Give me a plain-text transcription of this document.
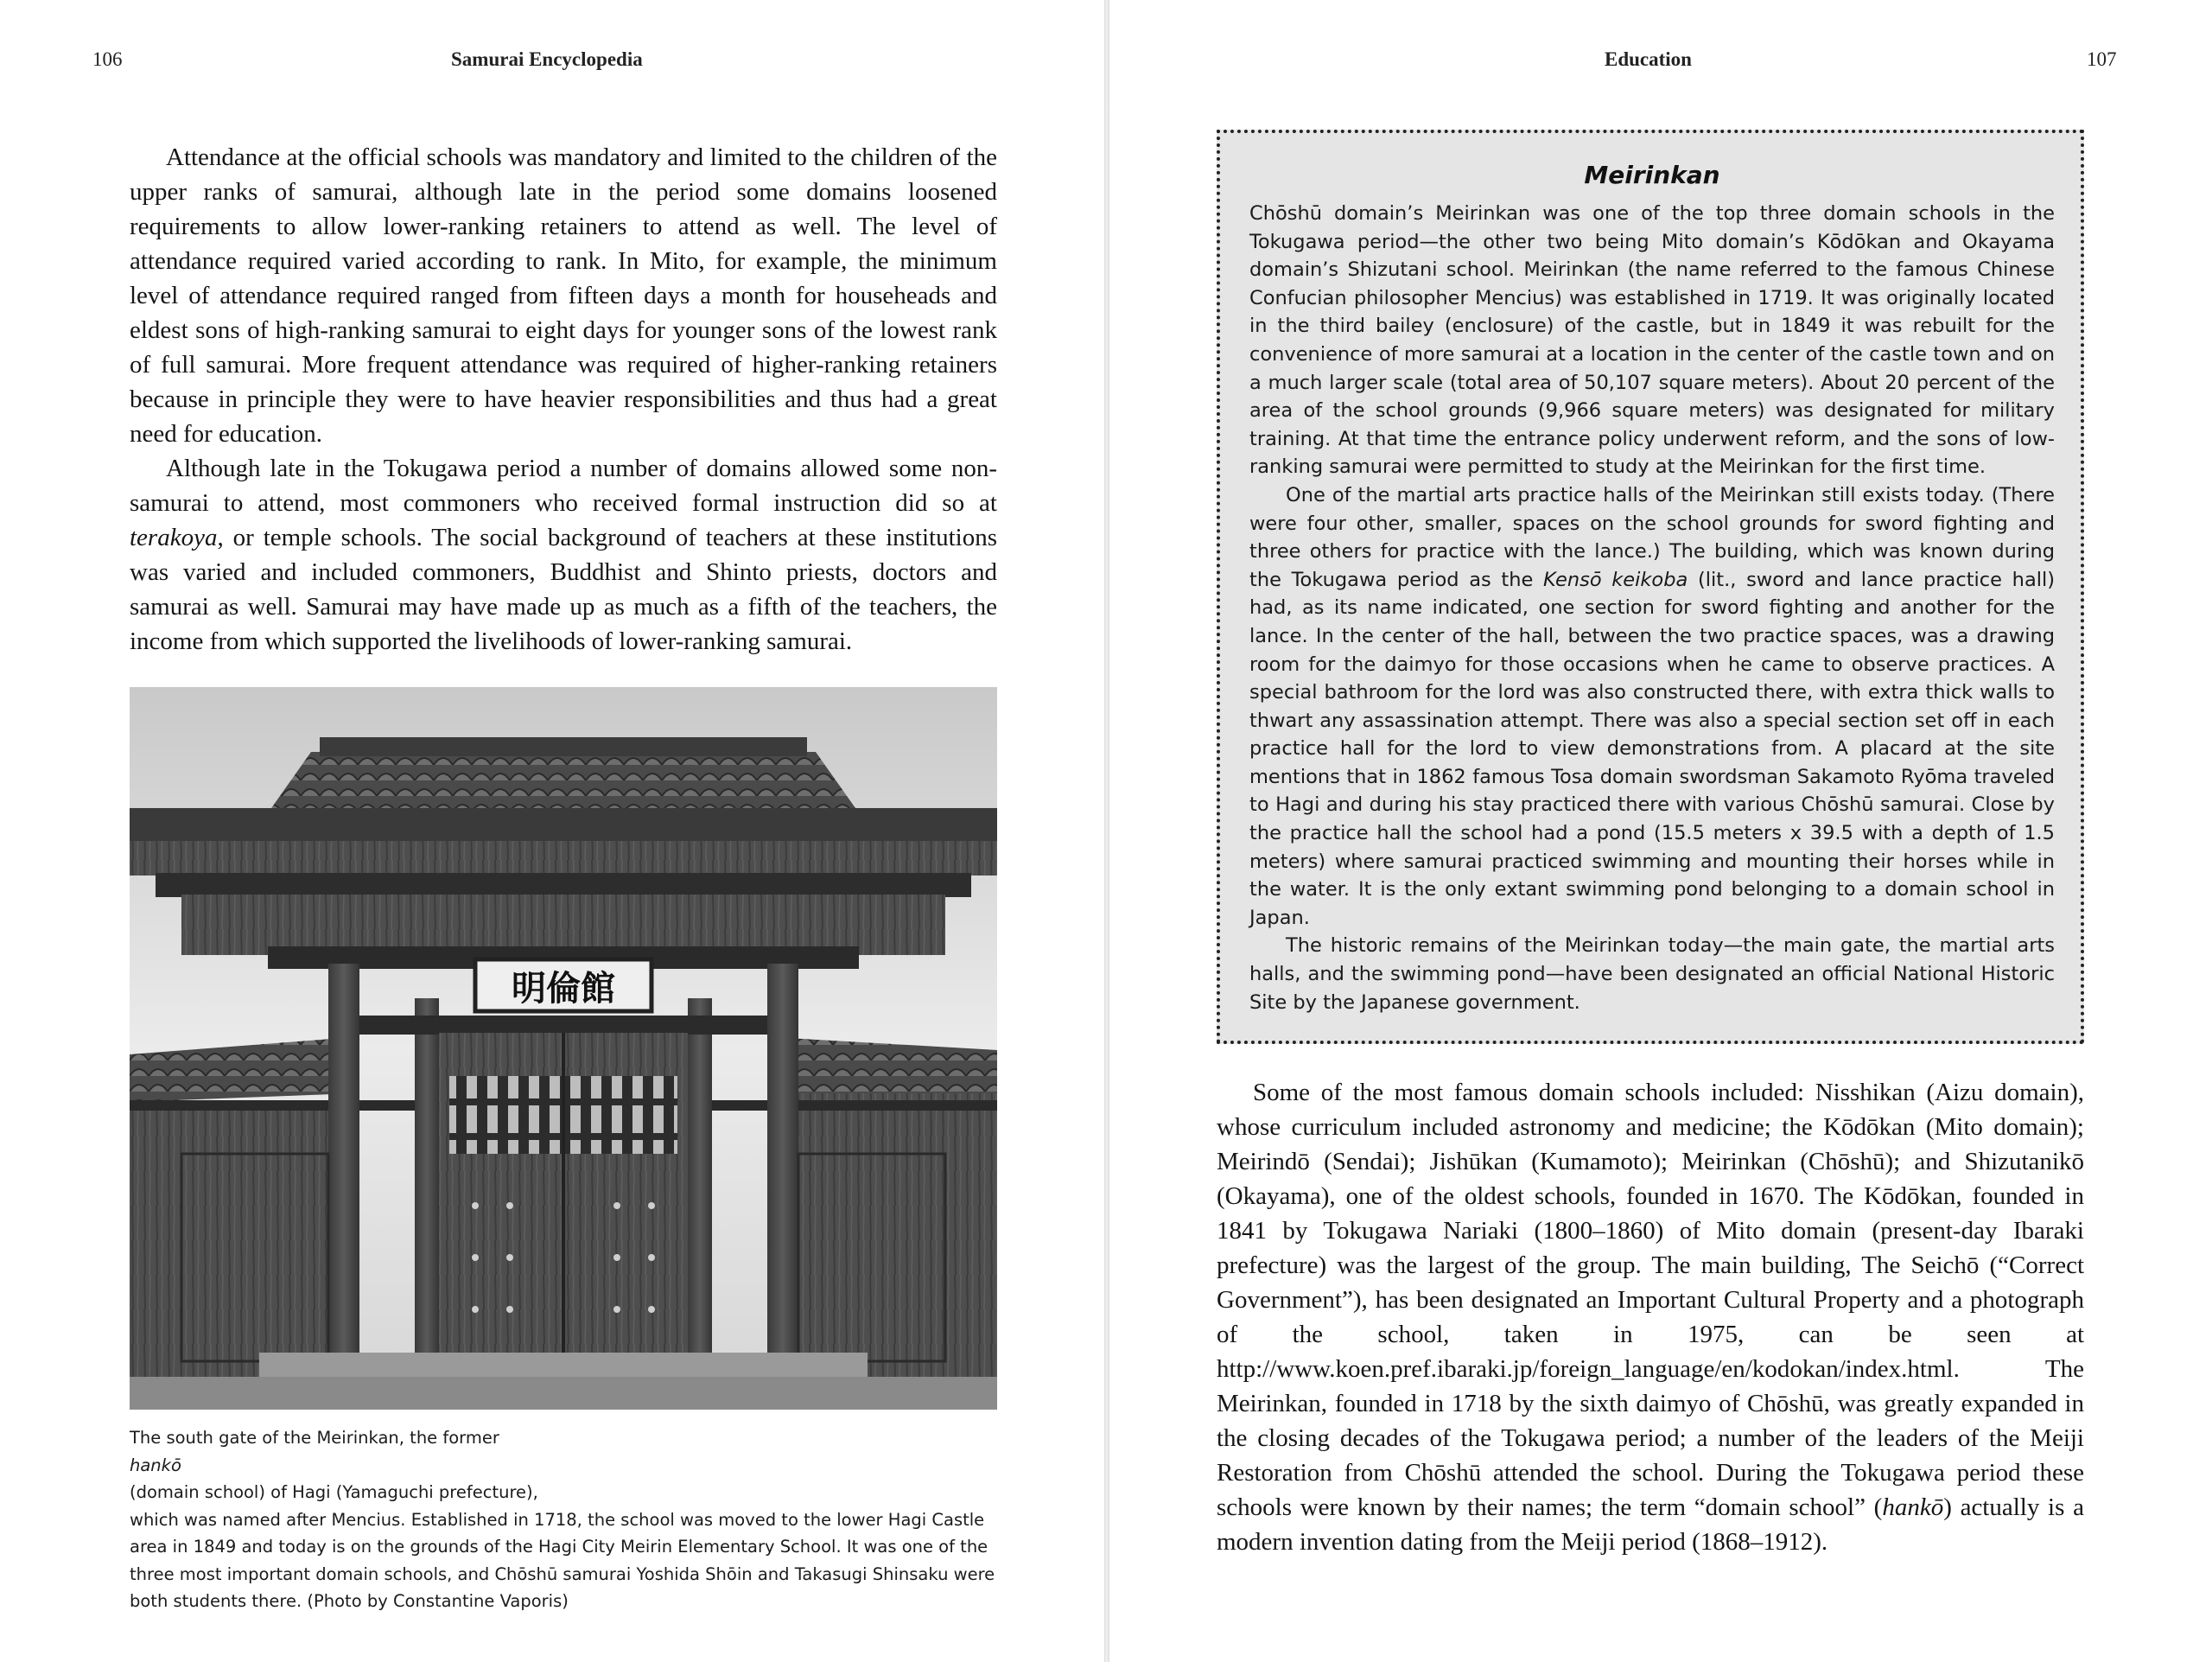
106	Samurai Encyclopedia

Attendance at the official schools was mandatory and limited to the children of the upper ranks of samurai, although late in the period some domains loosened requirements to allow lower-ranking retainers to attend as well. The level of attendance required varied according to rank. In Mito, for example, the minimum level of attendance required ranged from fifteen days a month for househeads and eldest sons of high-ranking samurai to eight days for younger sons of the lowest rank of full samurai. More frequent attendance was required of higher-ranking retainers because in principle they were to have heavier responsibilities and thus had a great need for education.

Although late in the Tokugawa period a number of domains allowed some non-samurai to attend, most commoners who received formal instruction did so at terakoya, or temple schools. The social background of teachers at these institutions was varied and included commoners, Buddhist and Shinto priests, doctors and samurai as well. Samurai may have made up as much as a fifth of the teachers, the income from which supported the livelihoods of lower-ranking samurai.

明倫館
The south gate of the Meirinkan, the former
hankō
(domain school) of Hagi (Yamaguchi prefecture),
which was named after Mencius. Established in 1718, the school was moved to the lower Hagi Castle
area in 1849 and today is on the grounds of the Hagi City Meirin Elementary School. It was one of the
three most important domain schools, and Chōshū samurai Yoshida Shōin and Takasugi Shinsaku were
both students there. (Photo by Constantine Vaporis)
Education	107
Meirinkan

Chōshū domain’s Meirinkan was one of the top three domain schools in the Tokugawa period—the other two being Mito domain’s Kōdōkan and Okayama domain’s Shizutani school. Meirinkan (the name referred to the famous Chinese Confucian philosopher Mencius) was established in 1719. It was originally located in the third bailey (enclosure) of the castle, but in 1849 it was rebuilt for the convenience of more samurai at a location in the center of the castle town and on a much larger scale (total area of 50,107 square meters). About 20 percent of the area of the school grounds (9,966 square meters) was designated for military training. At that time the entrance policy underwent reform, and the sons of low-ranking samurai were permitted to study at the Meirinkan for the first time.

One of the martial arts practice halls of the Meirinkan still exists today. (There were four other, smaller, spaces on the school grounds for sword fighting and three others for practice with the lance.) The building, which was known during the Tokugawa period as the Kensō keikoba (lit., sword and lance practice hall) had, as its name indicated, one section for sword fighting and another for the lance. In the center of the hall, between the two practice spaces, was a drawing room for the daimyo for those occasions when he came to observe practices. A special bathroom for the lord was also constructed there, with extra thick walls to thwart any assassination attempt. There was also a special section set off in each practice hall for the lord to view demonstrations from. A placard at the site mentions that in 1862 famous Tosa domain swordsman Sakamoto Ryōma traveled to Hagi and during his stay practiced there with various Chōshū samurai. Close by the practice hall the school had a pond (15.5 meters x 39.5 with a depth of 1.5 meters) where samurai practiced swimming and mounting their horses while in the water. It is the only extant swimming pond belonging to a domain school in Japan.

The historic remains of the Meirinkan today—the main gate, the martial arts halls, and the swimming pond—have been designated an official National Historic Site by the Japanese government.

Some of the most famous domain schools included: Nisshikan (Aizu domain), whose curriculum included astronomy and medicine; the Kōdōkan (Mito domain); Meirindō (Sendai); Jishūkan (Kumamoto); Meirinkan (Chōshū); and Shizutanikō (Okayama), one of the oldest schools, founded in 1670. The Kōdōkan, founded in 1841 by Tokugawa Nariaki (1800–1860) of Mito domain (present-day Ibaraki prefecture) was the largest of the group. The main building, The Seichō (“Correct Government”), has been designated an Important Cultural Property and a photograph of the school, taken in 1975, can be seen at http://www.koen.pref.ibaraki.jp/foreign_language/en/kodokan/index.html. The Meirinkan, founded in 1718 by the sixth daimyo of Chōshū, was greatly expanded in the closing decades of the Tokugawa period; a number of the leaders of the Meiji Restoration from Chōshū attended the school. During the Tokugawa period these schools were known by their names; the term “domain school” (hankō) actually is a modern invention dating from the Meiji period (1868–1912).
